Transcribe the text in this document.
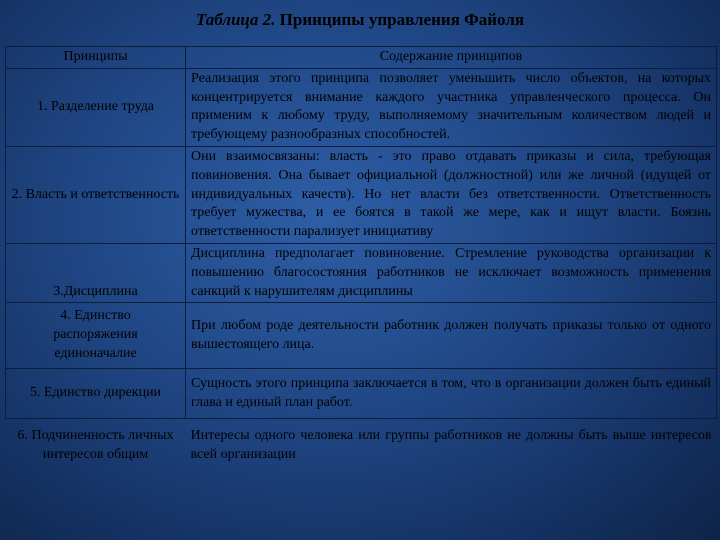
Таблица 2. Принципы управления Файоля
Принципы	Содержание принципов
1. Разделение труда	Реализация этого принципа позволяет уменьшить число объектов, на которых концентрируется внимание каждого участника управленческого процесса. Он применим к любому труду, выполняемому значительным количеством людей и требующему разнообразных способностей.
2. Власть и ответственность	Они взаимосвязаны: власть - это право отдавать приказы и сила, требующая повиновения. Она бывает официальной (должностной) или же личной (идущей от индивидуальных качеств). Но нет власти без ответственности. Ответственность требует мужества, и ее боятся в такой же мере, как и ищут власти. Боязнь ответственности парализует инициативу
3.Дисциплина	Дисциплина предполагает повиновение. Стремление руководства организации к повышению благосостояния работников не исключает возможность применения санкций к нарушителям дисциплины
4. Единство распоряжения единоначалие	При любом роде деятельности работник должен получать приказы только от одного вышестоящего лица.
5. Единство дирекции	Сущность этого принципа заключается в том, что в организации должен быть единый глава и единый план работ.
6. Подчиненность личных интересов общим	Интересы одного человека или группы работников не должны быть выше интересов всей организации
